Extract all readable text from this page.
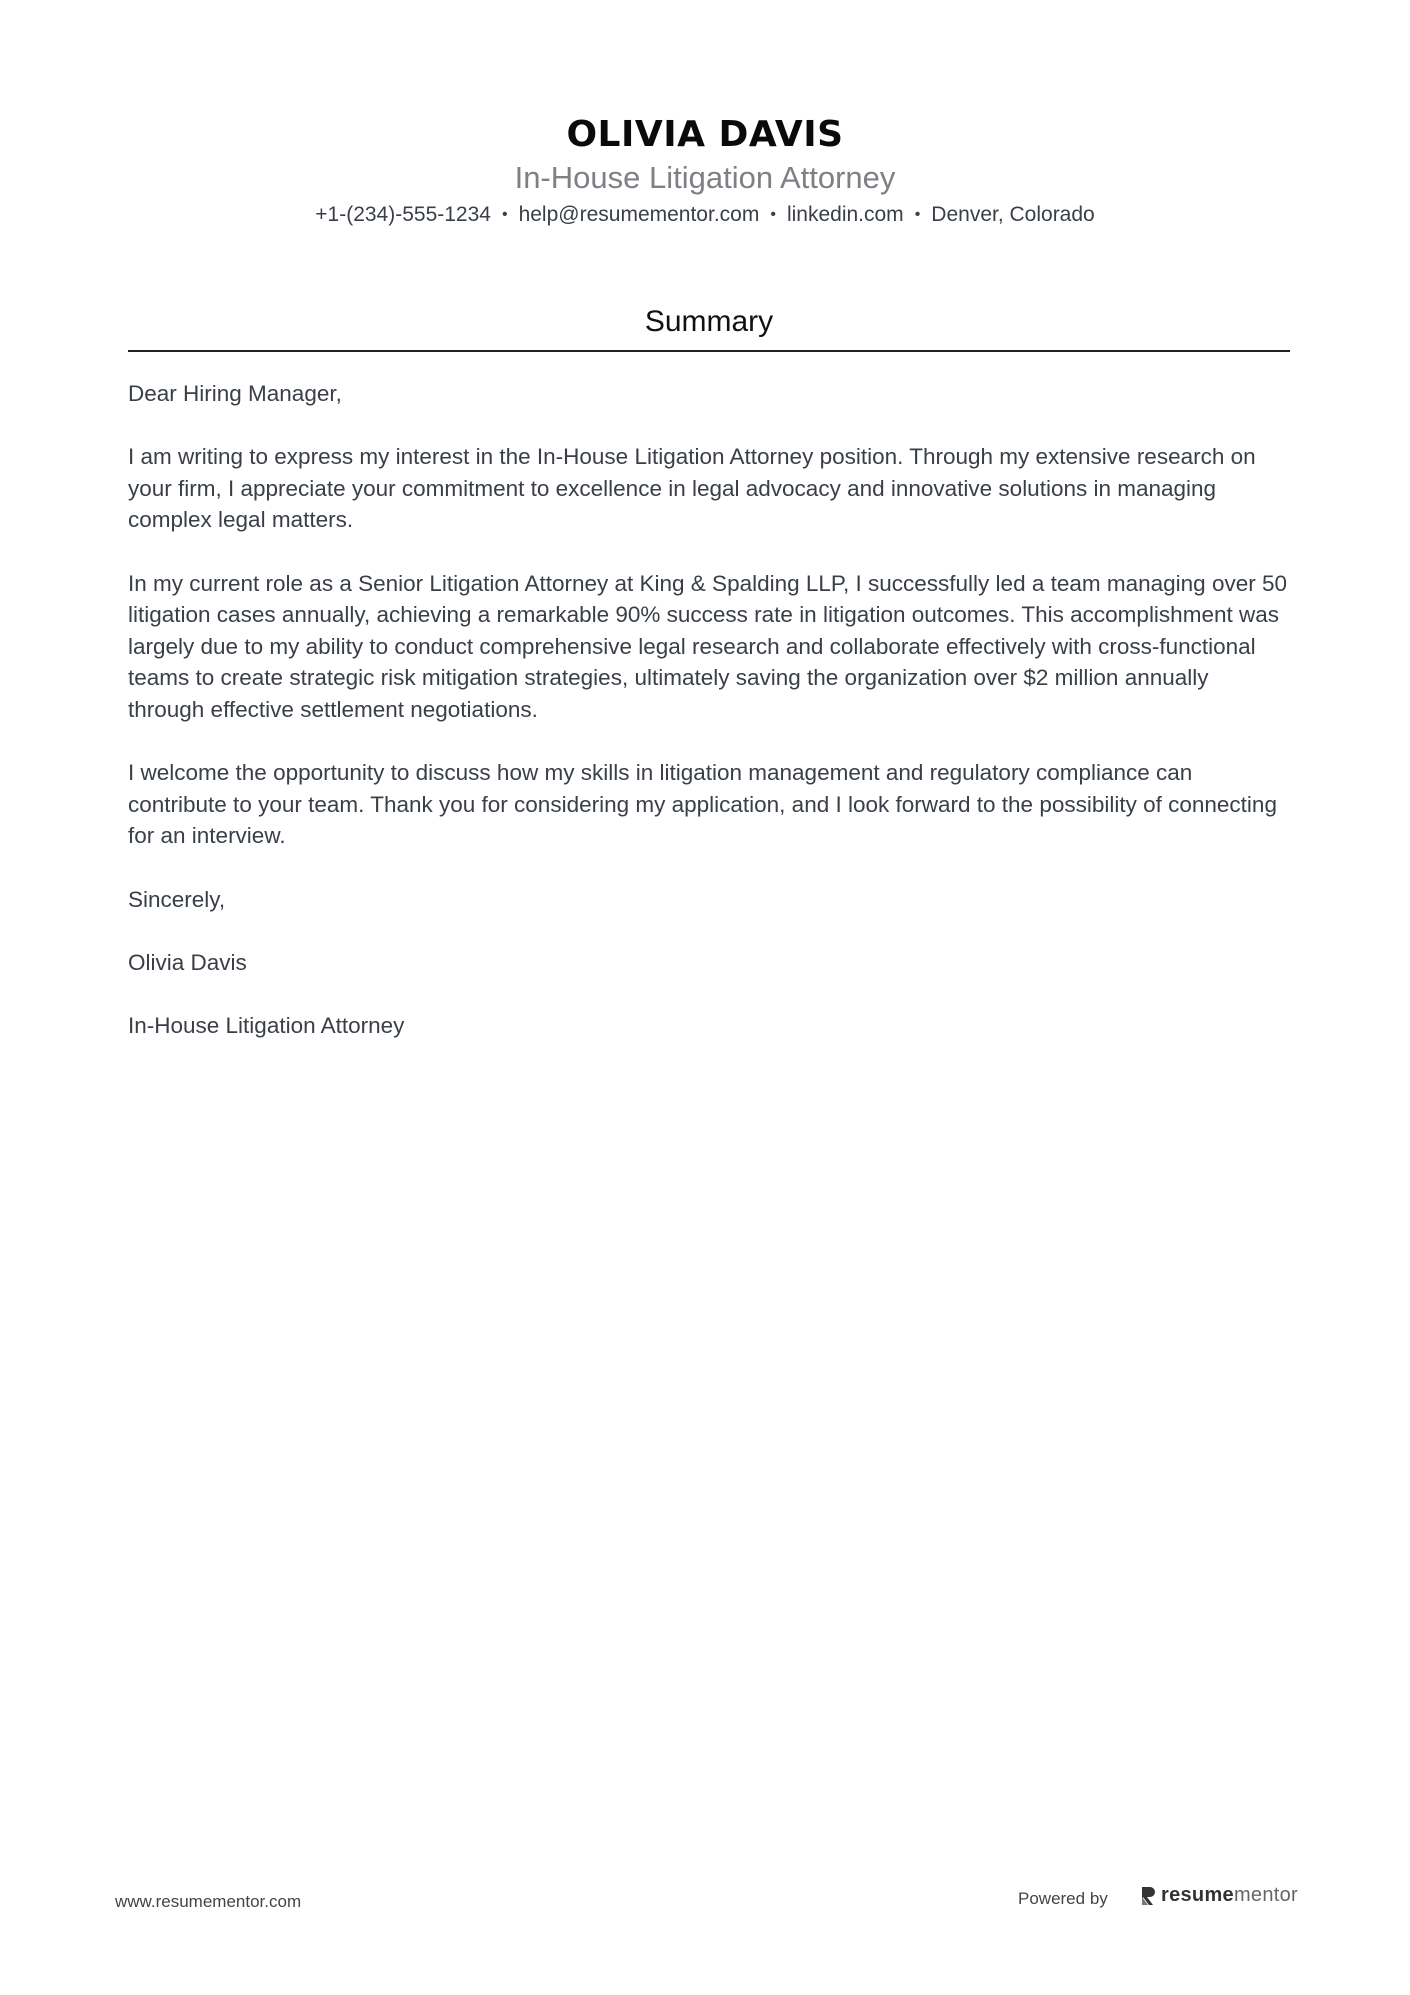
OLIVIA DAVIS
In-House Litigation Attorney
+1-(234)-555-1234 • help@resumementor.com • linkedin.com • Denver, Colorado
Summary

Dear Hiring Manager,

I am writing to express my interest in the In-House Litigation Attorney position. Through my extensive research on your firm, I appreciate your commitment to excellence in legal advocacy and innovative solutions in managing complex legal matters.

In my current role as a Senior Litigation Attorney at King & Spalding LLP, I successfully led a team managing over 50 litigation cases annually, achieving a remarkable 90% success rate in litigation outcomes. This accomplishment was largely due to my ability to conduct comprehensive legal research and collaborate effectively with cross-functional teams to create strategic risk mitigation strategies, ultimately saving the organization over $2 million annually through effective settlement negotiations.

I welcome the opportunity to discuss how my skills in litigation management and regulatory compliance can contribute to your team. Thank you for considering my application, and I look forward to the possibility of connecting for an interview.

Sincerely,

Olivia Davis

In-House Litigation Attorney

www.resumementor.com	Powered by	resumementor
